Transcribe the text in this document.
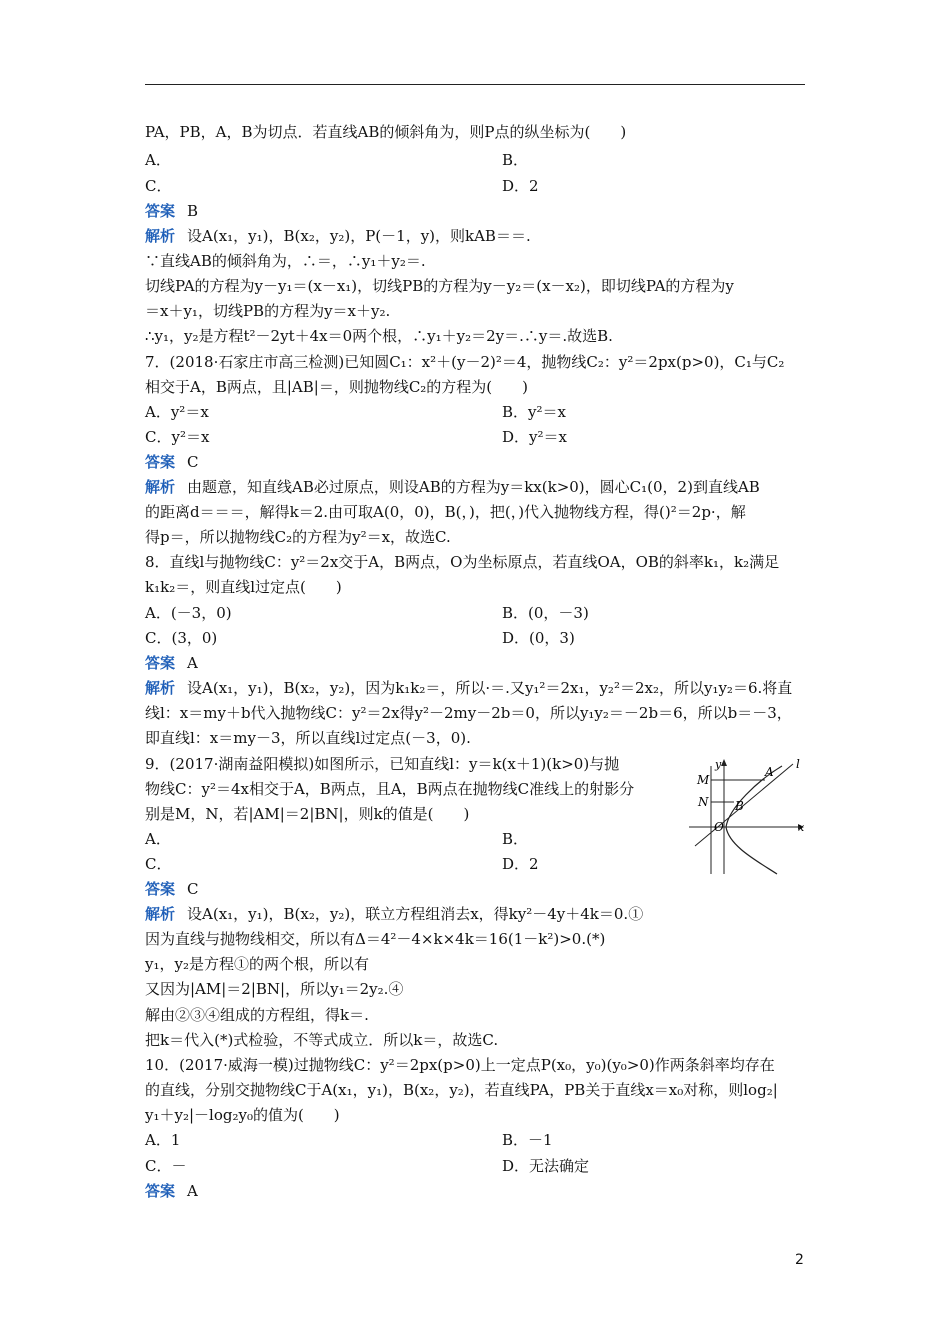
PA，PB，A，B为切点．若直线AB的倾斜角为，则P点的纵坐标为(　　)
A．
C．
答案 B
解析 设A(x₁，y₁)，B(x₂，y₂)，P(－1，y)，则kAB＝＝.
∵直线AB的倾斜角为，∴＝，∴y₁＋y₂＝.
切线PA的方程为y－y₁＝(x－x₁)，切线PB的方程为y－y₂＝(x－x₂)，即切线PA的方程为y
＝x＋y₁，切线PB的方程为y＝x＋y₂.
∴y₁，y₂是方程t²－2yt＋4x＝0两个根，∴y₁＋y₂＝2y＝.∴y＝.故选B.
7．(2018·石家庄市高三检测)已知圆C₁：x²＋(y－2)²＝4，抛物线C₂：y²＝2px(p>0)，C₁与C₂
相交于A，B两点，且|AB|＝，则抛物线C₂的方程为(　　)
A．y²＝x
C．y²＝x
答案 C
解析 由题意，知直线AB必过原点，则设AB的方程为y＝kx(k>0)，圆心C₁(0，2)到直线AB
的距离d＝＝＝，解得k＝2.由可取A(0，0)，B(，)，把(，)代入抛物线方程，得()²＝2p·，解
得p＝，所以抛物线C₂的方程为y²＝x，故选C.
8．直线l与抛物线C：y²＝2x交于A，B两点，O为坐标原点，若直线OA，OB的斜率k₁，k₂满足
k₁k₂＝，则直线l过定点(　　)
A．(－3，0)
C．(3，0)
答案 A
解析 设A(x₁，y₁)，B(x₂，y₂)，因为k₁k₂＝，所以·＝.又y₁²＝2x₁，y₂²＝2x₂，所以y₁y₂＝6.将直
线l：x＝my＋b代入抛物线C：y²＝2x得y²－2my－2b＝0，所以y₁y₂＝－2b＝6，所以b＝－3，
即直线l：x＝my－3，所以直线l过定点(－3，0).
9．(2017·湖南益阳模拟)如图所示，已知直线l：y＝k(x＋1)(k>0)与抛
物线C：y²＝4x相交于A，B两点，且A，B两点在抛物线C准线上的射影分
别是M，N，若|AM|＝2|BN|，则k的值是(　　)
A．
C．
答案 C
解析 设A(x₁，y₁)，B(x₂，y₂)，联立方程组消去x，得ky²－4y＋4k＝0.①
因为直线与抛物线相交，所以有Δ＝4²－4×k×4k＝16(1－k²)>0.(*)
y₁，y₂是方程①的两个根，所以有
又因为|AM|＝2|BN|，所以y₁＝2y₂.④
解由②③④组成的方程组，得k＝.
把k＝代入(*)式检验，不等式成立．所以k＝，故选C.
10．(2017·威海一模)过抛物线C：y²＝2px(p>0)上一定点P(x₀，y₀)(y₀>0)作两条斜率均存在
的直线，分别交抛物线C于A(x₁，y₁)，B(x₂，y₂)，若直线PA，PB关于直线x＝x₀对称，则log₂|
y₁＋y₂|－log₂y₀的值为(　　)
A．1
C．－
答案 A
B．
D．2
B．y²＝x
D．y²＝x
B．(0，－3)
D．(0，3)
B．
D．2
B．－1
D．无法确定
y	l
M
A
N B
O	x
2
